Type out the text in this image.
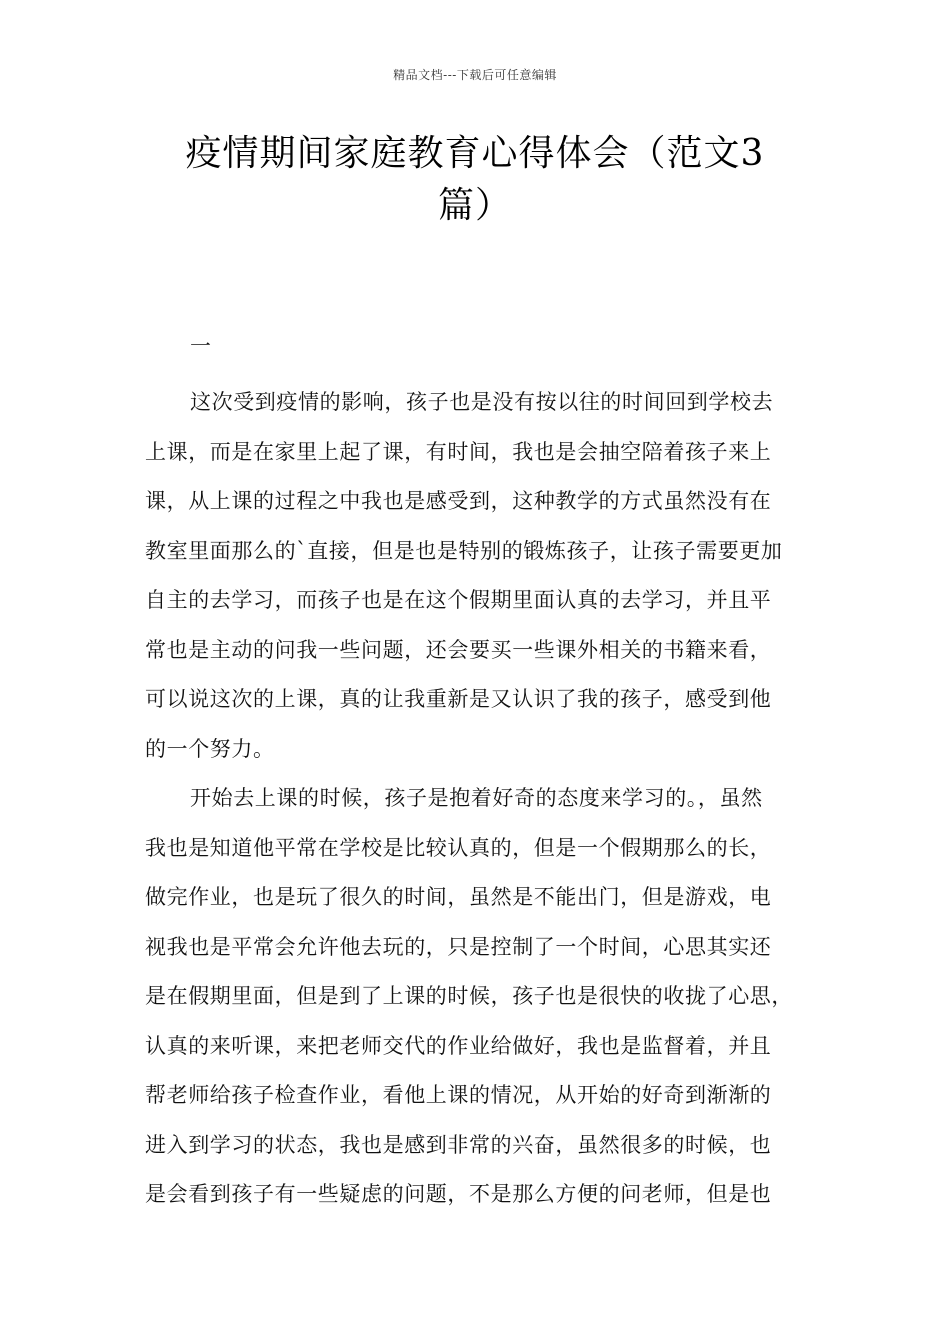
精品文档---下载后可任意编辑
疫情期间家庭教育心得体会（范文3
篇）
一
这次受到疫情的影响，孩子也是没有按以往的时间回到学校去
上课，而是在家里上起了课，有时间，我也是会抽空陪着孩子来上
课，从上课的过程之中我也是感受到，这种教学的方式虽然没有在
教室里面那么的`直接，但是也是特别的锻炼孩子，让孩子需要更加
自主的去学习，而孩子也是在这个假期里面认真的去学习，并且平
常也是主动的问我一些问题，还会要买一些课外相关的书籍来看，
可以说这次的上课，真的让我重新是又认识了我的孩子，感受到他
的一个努力。
开始去上课的时候，孩子是抱着好奇的态度来学习的。，虽然
我也是知道他平常在学校是比较认真的，但是一个假期那么的长，
做完作业，也是玩了很久的时间，虽然是不能出门，但是游戏，电
视我也是平常会允许他去玩的，只是控制了一个时间，心思其实还
是在假期里面，但是到了上课的时候，孩子也是很快的收拢了心思，
认真的来听课，来把老师交代的作业给做好，我也是监督着，并且
帮老师给孩子检查作业，看他上课的情况，从开始的好奇到渐渐的
进入到学习的状态，我也是感到非常的兴奋，虽然很多的时候，也
是会看到孩子有一些疑虑的问题，不是那么方便的问老师，但是也
